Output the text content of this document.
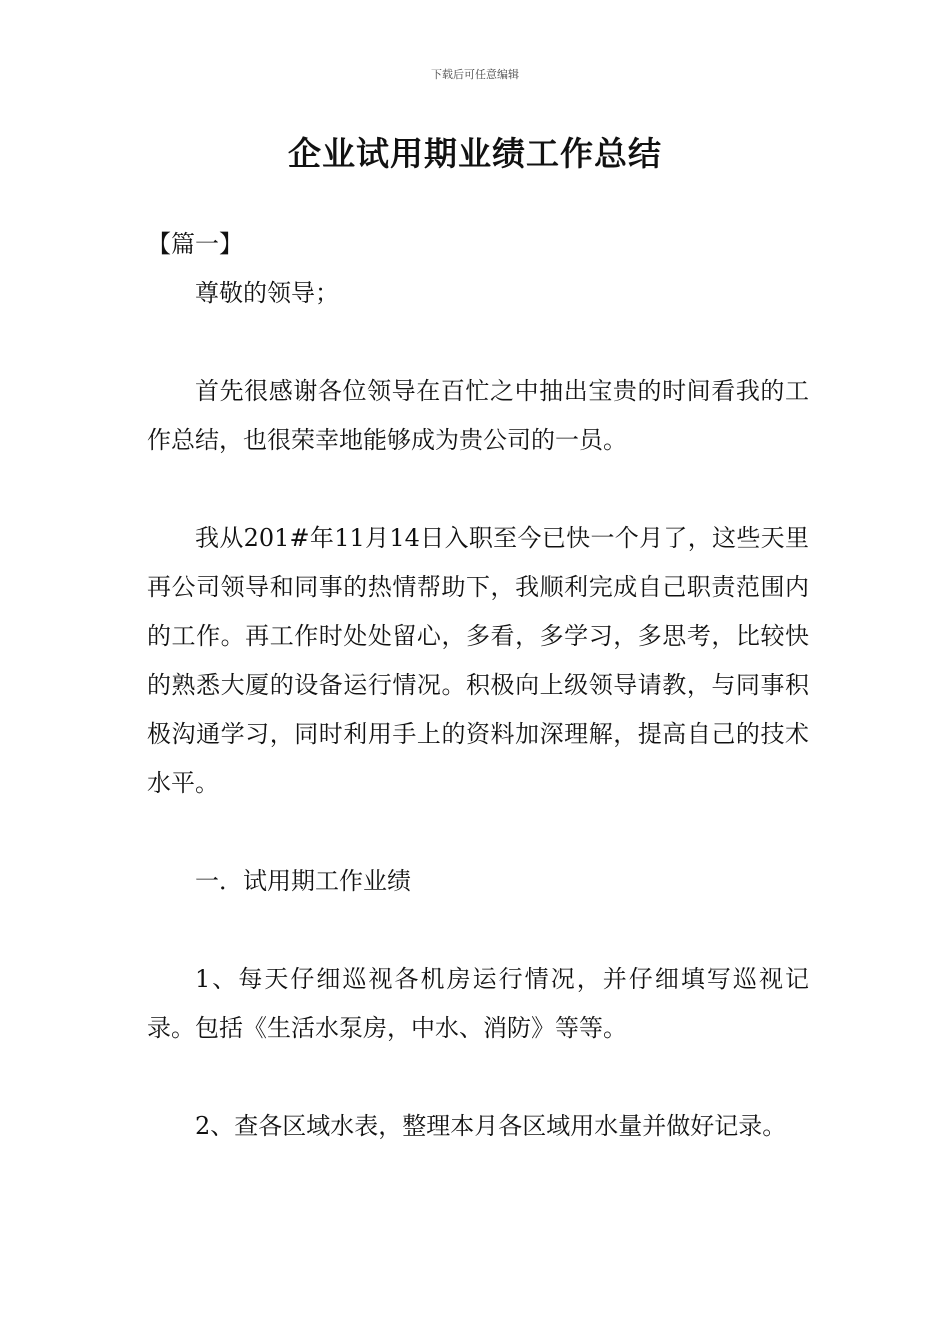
下载后可任意编辑
企业试用期业绩工作总结

【篇一】

尊敬的领导；

首先很感谢各位领导在百忙之中抽出宝贵的时间看我的工作总结，也很荣幸地能够成为贵公司的一员。

我从201#年11月14日入职至今已快一个月了，这些天里再公司领导和同事的热情帮助下，我顺利完成自己职责范围内的工作。再工作时处处留心，多看，多学习，多思考，比较快的熟悉大厦的设备运行情况。积极向上级领导请教，与同事积极沟通学习，同时利用手上的资料加深理解，提高自己的技术水平。

一．试用期工作业绩

1、每天仔细巡视各机房运行情况，并仔细填写巡视记录。包括《生活水泵房，中水、消防》等等。

2、查各区域水表，整理本月各区域用水量并做好记录。
